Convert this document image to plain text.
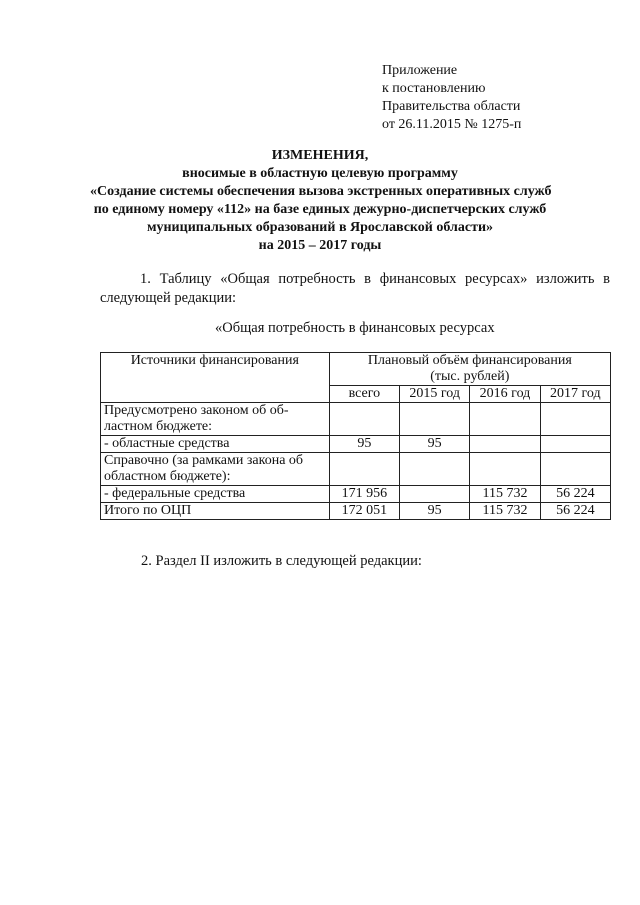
Приложение
к постановлению
Правительства области
от 26.11.2015 № 1275-п
ИЗМЕНЕНИЯ,
вносимые в областную целевую программу
«Создание системы обеспечения вызова экстренных оперативных служб
по единому номеру «112» на базе единых дежурно-диспетчерских служб
муниципальных образований в Ярославской области»
на 2015 – 2017 годы
1. Таблицу «Общая потребность в финансовых ресурсах» изложить в
следующей редакции:
«Общая потребность в финансовых ресурсах
Источники финансирования	Плановый объём финансирования
(тыс. рублей)			

	всего	2015 год	2016 год	2017 год

Предусмотрено законом об об-
ластном бюджете:				

- областные средства	95	95		

Справочно (за рамками закона об
областном бюджете):				

- федеральные средства	171 956		115 732	56 224

Итого по ОЦП	172 051	95	115 732	56 224
2. Раздел II изложить в следующей редакции:
